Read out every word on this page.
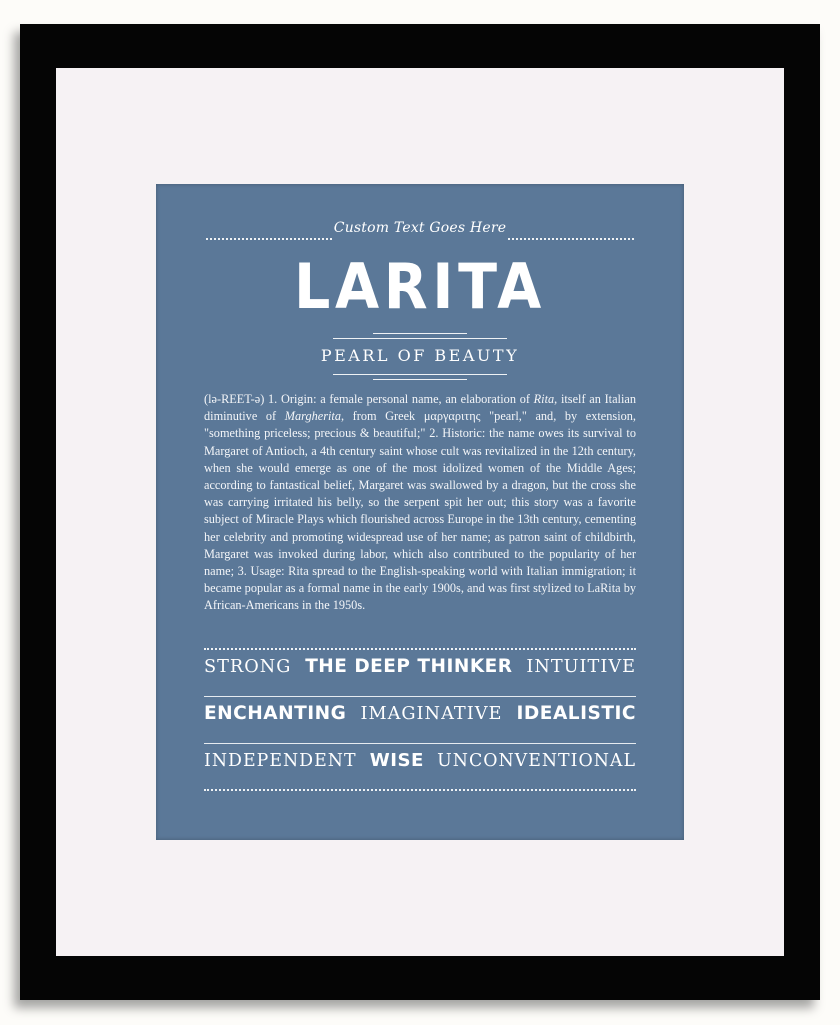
Custom Text Goes Here
LARITA
PEARL OF BEAUTY
(lə-REET-ə) 1. Origin: a female personal name, an elaboration of Rita, itself an Italian diminutive of Margherita, from Greek μαργαριτης "pearl," and, by extension, "something priceless; precious & beautiful;" 2. Historic: the name owes its survival to Margaret of Antioch, a 4th century saint whose cult was revitalized in the 12th century, when she would emerge as one of the most idolized women of the Middle Ages; according to fantastical belief, Margaret was swallowed by a dragon, but the cross she was carrying irritated his belly, so the serpent spit her out; this story was a favorite subject of Miracle Plays which flourished across Europe in the 13th century, cementing her celebrity and promoting widespread use of her name; as patron saint of childbirth, Margaret was invoked during labor, which also contributed to the popularity of her name; 3. Usage: Rita spread to the English-speaking world with Italian immigration; it became popular as a formal name in the early 1900s, and was first stylized to LaRita by African-Americans in the 1950s.
STRONG THE DEEP THINKER INTUITIVE
ENCHANTING IMAGINATIVE IDEALISTIC
INDEPENDENT WISE UNCONVENTIONAL
